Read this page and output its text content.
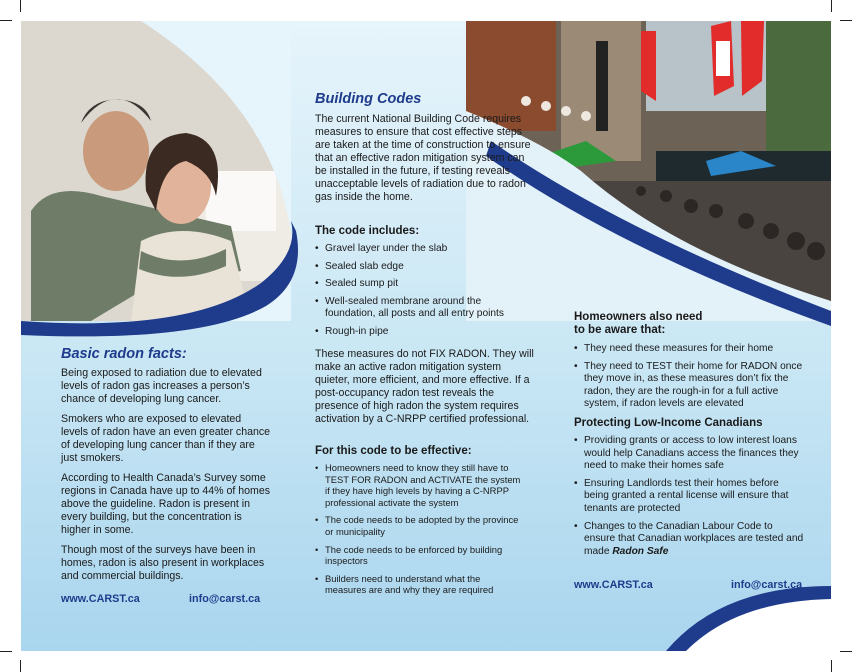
Basic radon facts:

Being exposed to radiation due to elevated levels of radon gas increases a person’s chance of developing lung cancer.

Smokers who are exposed to elevated levels of radon have an even greater chance of developing lung cancer than if they are just smokers.

According to Health Canada’s Survey some regions in Canada have up to 44% of homes above the guideline. Radon is present in every building, but the concentration is higher in some.

Though most of the surveys have been in homes, radon is also present in workplaces and commercial buildings.

www.CARST.ca	info@carst.ca
Building Codes
The current National Building Code requires measures to ensure that cost effective steps are taken at the time of construction to ensure that an effective radon mitigation system can be installed in the future, if testing reveals unacceptable levels of radiation due to radon gas inside the home.
The code includes:
• Gravel layer under the slab
• Sealed slab edge
• Sealed sump pit
• Well-sealed membrane around the foundation, all posts and all entry points
• Rough-in pipe
These measures do not FIX RADON. They will make an active radon mitigation system quieter, more efficient, and more effective. If a post-occupancy radon test reveals the presence of high radon the system requires activation by a C-NRPP certified professional.
For this code to be effective:
• Homeowners need to know they still have to TEST FOR RADON and ACTIVATE the system if they have high levels by having a C-NRPP professional activate the system
• The code needs to be adopted by the province or municipality
• The code needs to be enforced by building inspectors
• Builders need to understand what the measures are and why they are required
Homeowners also need to be aware that:
• They need these measures for their home
• They need to TEST their home for RADON once they move in, as these measures don’t fix the radon, they are the rough-in for a full active system, if radon levels are elevated
Protecting Low-Income Canadians
• Providing grants or access to low interest loans would help Canadians access the finances they need to make their homes safe
• Ensuring Landlords test their homes before being granted a rental license will ensure that tenants are protected
• Changes to the Canadian Labour Code to ensure that Canadian workplaces are tested and made Radon Safe
www.CARST.ca	info@carst.ca
